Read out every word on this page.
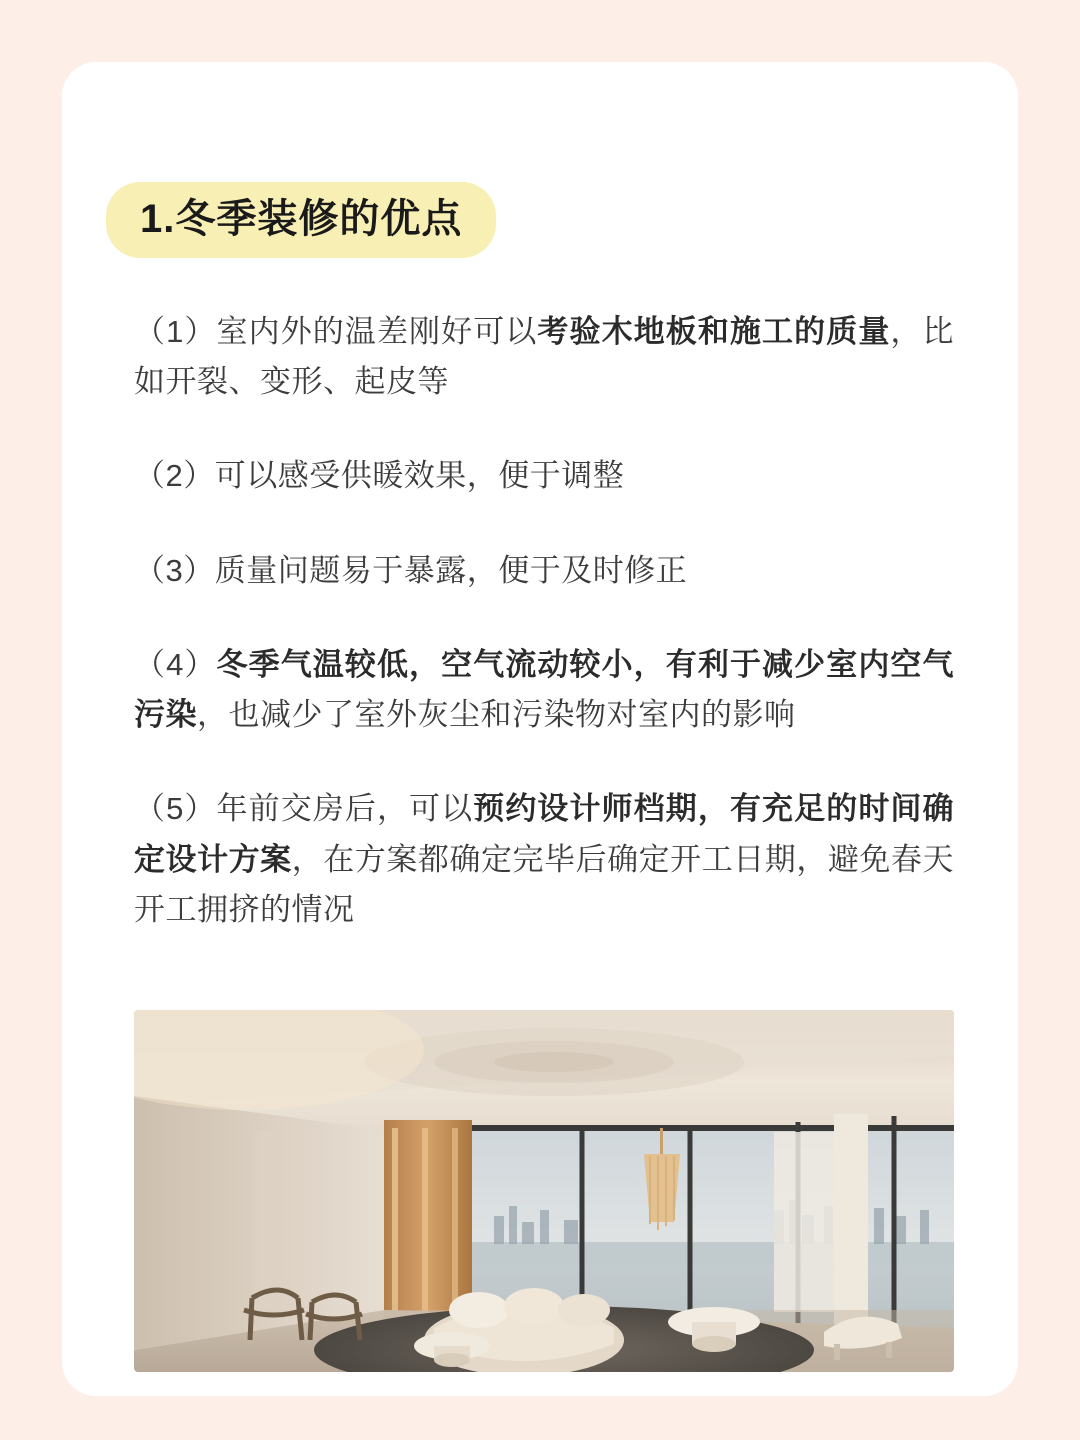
1.冬季装修的优点

（1）室内外的温差刚好可以考验木地板和施工的质量，比如开裂、变形、起皮等

（2）可以感受供暖效果，便于调整

（3）质量问题易于暴露，便于及时修正

（4）冬季气温较低，空气流动较小，有利于减少室内空气污染，也减少了室外灰尘和污染物对室内的影响

（5）年前交房后，可以预约设计师档期，有充足的时间确定设计方案，在方案都确定完毕后确定开工日期，避免春天开工拥挤的情况
